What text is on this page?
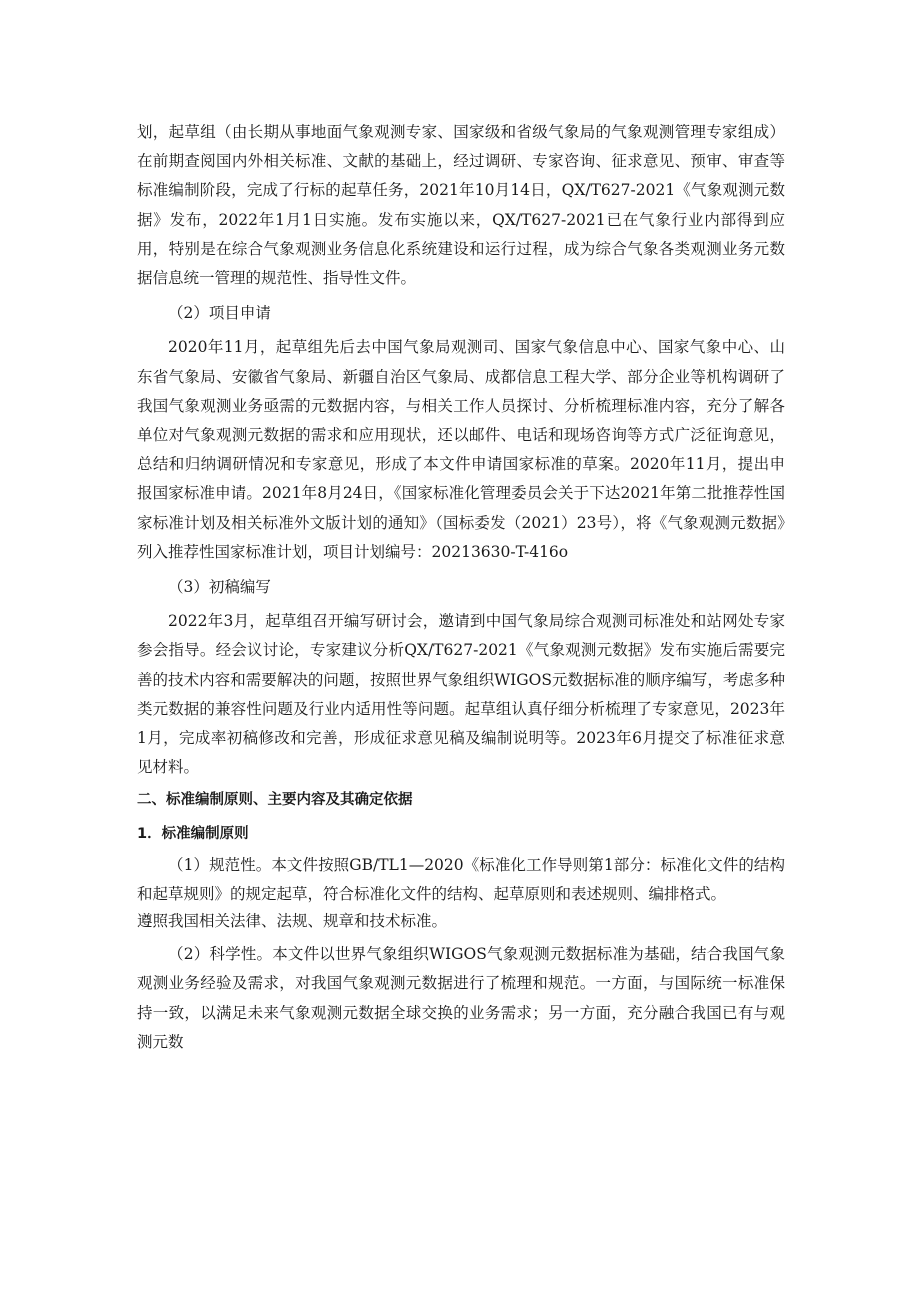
划，起草组（由长期从事地面气象观测专家、国家级和省级气象局的气象观测管理专家组成）在前期查阅国内外相关标准、文献的基础上，经过调研、专家咨询、征求意见、预审、审查等标准编制阶段，完成了行标的起草任务，2021年10月14日，QX/T627-2021《气象观测元数据》发布，2022年1月1日实施。发布实施以来，QX/T627-2021已在气象行业内部得到应用，特别是在综合气象观测业务信息化系统建设和运行过程，成为综合气象各类观测业务元数据信息统一管理的规范性、指导性文件。

（2）项目申请

2020年11月，起草组先后去中国气象局观测司、国家气象信息中心、国家气象中心、山东省气象局、安徽省气象局、新疆自治区气象局、成都信息工程大学、部分企业等机构调研了我国气象观测业务亟需的元数据内容，与相关工作人员探讨、分析梳理标准内容，充分了解各单位对气象观测元数据的需求和应用现状，还以邮件、电话和现场咨询等方式广泛征询意见，总结和归纳调研情况和专家意见，形成了本文件申请国家标准的草案。2020年11月，提出申报国家标准申请。2021年8月24日，《国家标准化管理委员会关于下达2021年第二批推荐性国家标准计划及相关标准外文版计划的通知》（国标委发（2021）23号），将《气象观测元数据》列入推荐性国家标准计划，项目计划编号：20213630-T-416o

（3）初稿编写

2022年3月，起草组召开编写研讨会，邀请到中国气象局综合观测司标准处和站网处专家参会指导。经会议讨论，专家建议分析QX/T627-2021《气象观测元数据》发布实施后需要完善的技术内容和需要解决的问题，按照世界气象组织WIGOS元数据标准的顺序编写，考虑多种类元数据的兼容性问题及行业内适用性等问题。起草组认真仔细分析梳理了专家意见，2023年1月，完成率初稿修改和完善，形成征求意见稿及编制说明等。2023年6月提交了标准征求意见材料。

二、标准编制原则、主要内容及其确定依据

1．标准编制原则

（1）规范性。本文件按照GB/TL1—2020《标准化工作导则第1部分：标准化文件的结构和起草规则》的规定起草，符合标准化文件的结构、起草原则和表述规则、编排格式。

遵照我国相关法律、法规、规章和技术标准。

（2）科学性。本文件以世界气象组织WIGOS气象观测元数据标准为基础，结合我国气象观测业务经验及需求，对我国气象观测元数据进行了梳理和规范。一方面，与国际统一标准保持一致，以满足未来气象观测元数据全球交换的业务需求；另一方面，充分融合我国已有与观测元数
